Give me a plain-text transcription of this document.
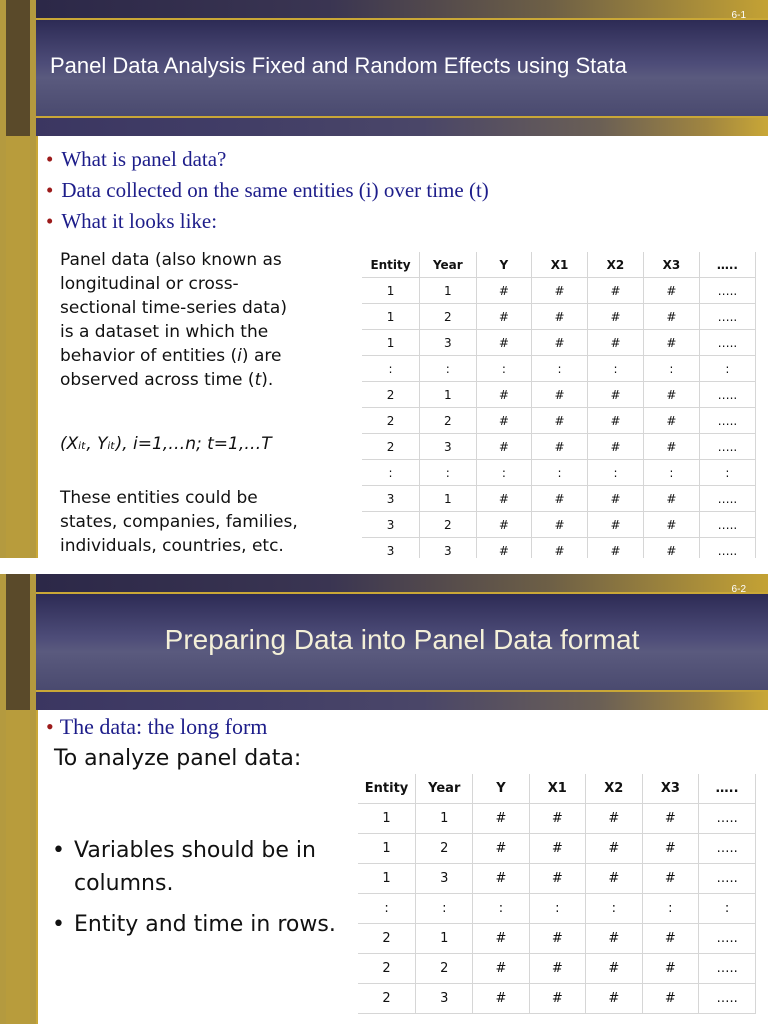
6-1
Panel Data Analysis Fixed and Random Effects using Stata
• What is panel data?
• Data collected on the same entities (i) over time (t)
• What it looks like:
Panel data (also known as
longitudinal or cross-
sectional time-series data)
is a dataset in which the
behavior of entities (i) are
observed across time (t).
(Xᵢₜ, Yᵢₜ), i=1,…n; t=1,…T
These entities could be
states, companies, families,
individuals, countries, etc.
Entity	Year	Y	X1	X2	X3	…..
1	1	#	#	#	#	…..
1	2	#	#	#	#	…..
1	3	#	#	#	#	…..
:	:	:	:	:	:	:
2	1	#	#	#	#	…..
2	2	#	#	#	#	…..
2	3	#	#	#	#	…..
:	:	:	:	:	:	:
3	1	#	#	#	#	…..
3	2	#	#	#	#	…..
3	3	#	#	#	#	…..
6-2
Preparing Data into Panel Data format
• The data: the long form
To analyze panel data:
• Variables should be in columns.
• Entity and time in rows.
Entity	Year	Y	X1	X2	X3	…..
1	1	#	#	#	#	…..
1	2	#	#	#	#	…..
1	3	#	#	#	#	…..
:	:	:	:	:	:	:
2	1	#	#	#	#	…..
2	2	#	#	#	#	…..
2	3	#	#	#	#	…..
